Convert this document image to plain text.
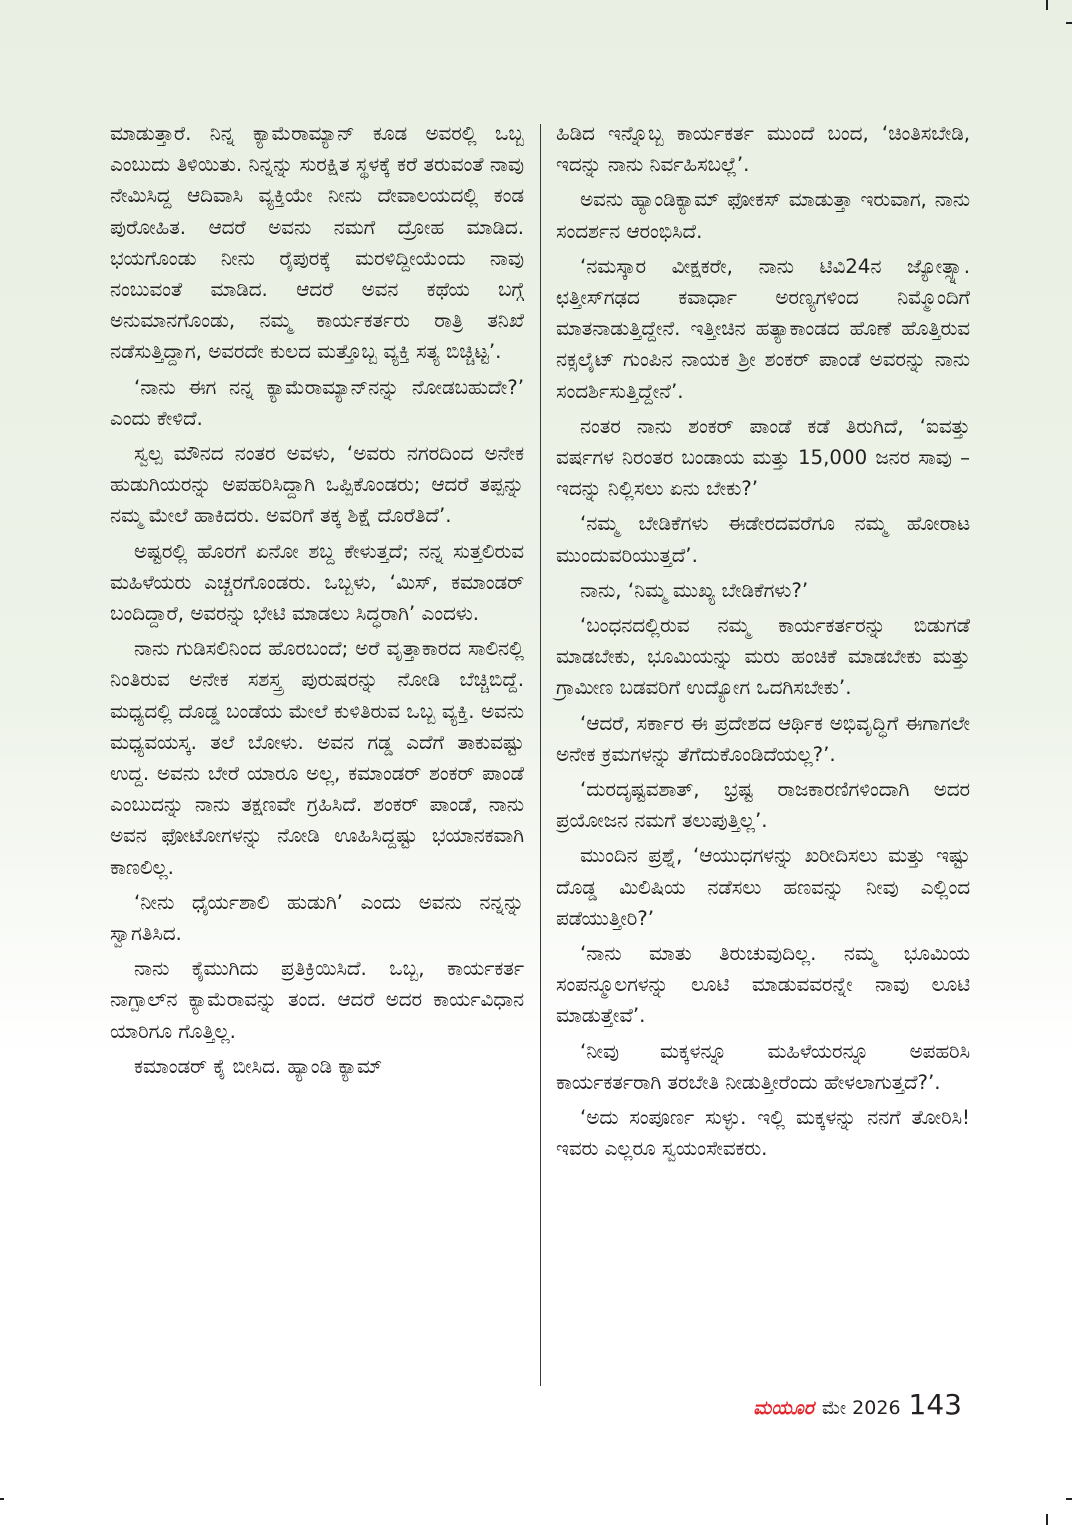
ಮಾಡುತ್ತಾರೆ. ನಿನ್ನ ಕ್ಯಾಮೆರಾಮ್ಯಾನ್ ಕೂಡ ಅವರಲ್ಲಿ ಒಬ್ಬ ಎಂಬುದು ತಿಳಿಯಿತು. ನಿನ್ನನ್ನು ಸುರಕ್ಷಿತ ಸ್ಥಳಕ್ಕೆ ಕರೆ ತರುವಂತೆ ನಾವು ನೇಮಿಸಿದ್ದ ಆದಿವಾಸಿ ವ್ಯಕ್ತಿಯೇ ನೀನು ದೇವಾಲಯದಲ್ಲಿ ಕಂಡ ಪುರೋಹಿತ. ಆದರೆ ಅವನು ನಮಗೆ ದ್ರೋಹ ಮಾಡಿದ. ಭಯಗೊಂಡು ನೀನು ರೈಪುರಕ್ಕೆ ಮರಳಿದ್ದೀಯೆಂದು ನಾವು ನಂಬುವಂತೆ ಮಾಡಿದ. ಆದರೆ ಅವನ ಕಥೆಯ ಬಗ್ಗೆ ಅನುಮಾನಗೊಂಡು, ನಮ್ಮ ಕಾರ್ಯಕರ್ತರು ರಾತ್ರಿ ತನಿಖೆ ನಡೆಸುತ್ತಿದ್ದಾಗ, ಅವರದೇ ಕುಲದ ಮತ್ತೊಬ್ಬ ವ್ಯಕ್ತಿ ಸತ್ಯ ಬಿಚ್ಚಿಟ್ಟ’.

‘ನಾನು ಈಗ ನನ್ನ ಕ್ಯಾಮೆರಾಮ್ಯಾನ್‌ನನ್ನು ನೋಡಬಹುದೇ?’ ಎಂದು ಕೇಳಿದೆ.

ಸ್ವಲ್ಪ ಮೌನದ ನಂತರ ಅವಳು, ‘ಅವರು ನಗರದಿಂದ ಅನೇಕ ಹುಡುಗಿಯರನ್ನು ಅಪಹರಿಸಿದ್ದಾಗಿ ಒಪ್ಪಿಕೊಂಡರು; ಆದರೆ ತಪ್ಪನ್ನು ನಮ್ಮ ಮೇಲೆ ಹಾಕಿದರು. ಅವರಿಗೆ ತಕ್ಕ ಶಿಕ್ಷೆ ದೊರೆತಿದೆ’.

ಅಷ್ಟರಲ್ಲಿ ಹೊರಗೆ ಏನೋ ಶಬ್ದ ಕೇಳುತ್ತದೆ; ನನ್ನ ಸುತ್ತಲಿರುವ ಮಹಿಳೆಯರು ಎಚ್ಚರಗೊಂಡರು. ಒಬ್ಬಳು, ‘ಮಿಸ್, ಕಮಾಂಡರ್ ಬಂದಿದ್ದಾರೆ, ಅವರನ್ನು ಭೇಟಿ ಮಾಡಲು ಸಿದ್ಧರಾಗಿ’ ಎಂದಳು.

ನಾನು ಗುಡಿಸಲಿನಿಂದ ಹೊರಬಂದೆ; ಅರೆ ವೃತ್ತಾಕಾರದ ಸಾಲಿನಲ್ಲಿ ನಿಂತಿರುವ ಅನೇಕ ಸಶಸ್ತ್ರ ಪುರುಷರನ್ನು ನೋಡಿ ಬೆಚ್ಚಿಬಿದ್ದೆ. ಮಧ್ಯದಲ್ಲಿ ದೊಡ್ಡ ಬಂಡೆಯ ಮೇಲೆ ಕುಳಿತಿರುವ ಒಬ್ಬ ವ್ಯಕ್ತಿ. ಅವನು ಮಧ್ಯವಯಸ್ಕ. ತಲೆ ಬೋಳು. ಅವನ ಗಡ್ಡ ಎದೆಗೆ ತಾಕುವಷ್ಟು ಉದ್ದ. ಅವನು ಬೇರೆ ಯಾರೂ ಅಲ್ಲ, ಕಮಾಂಡರ್ ಶಂಕರ್ ಪಾಂಡೆ ಎಂಬುದನ್ನು ನಾನು ತಕ್ಷಣವೇ ಗ್ರಹಿಸಿದೆ. ಶಂಕರ್ ಪಾಂಡೆ, ನಾನು ಅವನ ಫೋಟೋಗಳನ್ನು ನೋಡಿ ಊಹಿಸಿದ್ದಷ್ಟು ಭಯಾನಕವಾಗಿ ಕಾಣಲಿಲ್ಲ.

‘ನೀನು ಧೈರ್ಯಶಾಲಿ ಹುಡುಗಿ’ ಎಂದು ಅವನು ನನ್ನನ್ನು ಸ್ವಾಗತಿಸಿದ.

ನಾನು ಕೈಮುಗಿದು ಪ್ರತಿಕ್ರಿಯಿಸಿದೆ. ಒಬ್ಬ, ಕಾರ್ಯಕರ್ತ ನಾಗ್ಪಾಲ್‌ನ ಕ್ಯಾಮೆರಾವನ್ನು ತಂದ. ಆದರೆ ಅದರ ಕಾರ್ಯವಿಧಾನ ಯಾರಿಗೂ ಗೊತ್ತಿಲ್ಲ.

ಕಮಾಂಡರ್ ಕೈ ಬೀಸಿದ. ಹ್ಯಾಂಡಿ ಕ್ಯಾಮ್

ಹಿಡಿದ ಇನ್ನೊಬ್ಬ ಕಾರ್ಯಕರ್ತ ಮುಂದೆ ಬಂದ, ‘ಚಿಂತಿಸಬೇಡಿ, ಇದನ್ನು ನಾನು ನಿರ್ವಹಿಸಬಲ್ಲೆ’.

ಅವನು ಹ್ಯಾಂಡಿಕ್ಯಾಮ್ ಫೋಕಸ್ ಮಾಡುತ್ತಾ ಇರುವಾಗ, ನಾನು ಸಂದರ್ಶನ ಆರಂಭಿಸಿದೆ.

‘ನಮಸ್ಕಾರ ವೀಕ್ಷಕರೇ, ನಾನು ಟಿವಿ24ನ ಜ್ಯೋತ್ಸ್ನಾ. ಛತ್ತೀಸ್‌ಗಢದ ಕವಾರ್ಧಾ ಅರಣ್ಯಗಳಿಂದ ನಿಮ್ಮೊಂದಿಗೆ ಮಾತನಾಡುತ್ತಿದ್ದೇನೆ. ಇತ್ತೀಚಿನ ಹತ್ಯಾಕಾಂಡದ ಹೊಣೆ ಹೊತ್ತಿರುವ ನಕ್ಸಲೈಟ್ ಗುಂಪಿನ ನಾಯಕ ಶ್ರೀ ಶಂಕರ್ ಪಾಂಡೆ ಅವರನ್ನು ನಾನು ಸಂದರ್ಶಿಸುತ್ತಿದ್ದೇನೆ’.

ನಂತರ ನಾನು ಶಂಕರ್ ಪಾಂಡೆ ಕಡೆ ತಿರುಗಿದೆ, ‘ಐವತ್ತು ವರ್ಷಗಳ ನಿರಂತರ ಬಂಡಾಯ ಮತ್ತು 15,000 ಜನರ ಸಾವು – ಇದನ್ನು ನಿಲ್ಲಿಸಲು ಏನು ಬೇಕು?’

‘ನಮ್ಮ ಬೇಡಿಕೆಗಳು ಈಡೇರದವರೆಗೂ ನಮ್ಮ ಹೋರಾಟ ಮುಂದುವರಿಯುತ್ತದೆ’.

ನಾನು, ‘ನಿಮ್ಮ ಮುಖ್ಯ ಬೇಡಿಕೆಗಳು?’

‘ಬಂಧನದಲ್ಲಿರುವ ನಮ್ಮ ಕಾರ್ಯಕರ್ತರನ್ನು ಬಿಡುಗಡೆ ಮಾಡಬೇಕು, ಭೂಮಿಯನ್ನು ಮರು ಹಂಚಿಕೆ ಮಾಡಬೇಕು ಮತ್ತು ಗ್ರಾಮೀಣ ಬಡವರಿಗೆ ಉದ್ಯೋಗ ಒದಗಿಸಬೇಕು’.

‘ಆದರೆ, ಸರ್ಕಾರ ಈ ಪ್ರದೇಶದ ಆರ್ಥಿಕ ಅಭಿವೃದ್ಧಿಗೆ ಈಗಾಗಲೇ ಅನೇಕ ಕ್ರಮಗಳನ್ನು ತೆಗೆದುಕೊಂಡಿದೆಯಲ್ಲ?’.

‘ದುರದೃಷ್ಟವಶಾತ್, ಭ್ರಷ್ಟ ರಾಜಕಾರಣಿಗಳಿಂದಾಗಿ ಅದರ ಪ್ರಯೋಜನ ನಮಗೆ ತಲುಪುತ್ತಿಲ್ಲ’.

ಮುಂದಿನ ಪ್ರಶ್ನೆ, ‘ಆಯುಧಗಳನ್ನು ಖರೀದಿಸಲು ಮತ್ತು ಇಷ್ಟು ದೊಡ್ಡ ಮಿಲಿಷಿಯ ನಡೆಸಲು ಹಣವನ್ನು ನೀವು ಎಲ್ಲಿಂದ ಪಡೆಯುತ್ತೀರಿ?’

‘ನಾನು ಮಾತು ತಿರುಚುವುದಿಲ್ಲ. ನಮ್ಮ ಭೂಮಿಯ ಸಂಪನ್ಮೂಲಗಳನ್ನು ಲೂಟಿ ಮಾಡುವವರನ್ನೇ ನಾವು ಲೂಟಿ ಮಾಡುತ್ತೇವೆ’.

‘ನೀವು ಮಕ್ಕಳನ್ನೂ ಮಹಿಳೆಯರನ್ನೂ ಅಪಹರಿಸಿ ಕಾರ್ಯಕರ್ತರಾಗಿ ತರಬೇತಿ ನೀಡುತ್ತೀರೆಂದು ಹೇಳಲಾಗುತ್ತದೆ?’.

‘ಅದು ಸಂಪೂರ್ಣ ಸುಳ್ಳು. ಇಲ್ಲಿ ಮಕ್ಕಳನ್ನು ನನಗೆ ತೋರಿಸಿ! ಇವರು ಎಲ್ಲರೂ ಸ್ವಯಂಸೇವಕರು.

ಮಯೂರ ಮೇ 2026 143
